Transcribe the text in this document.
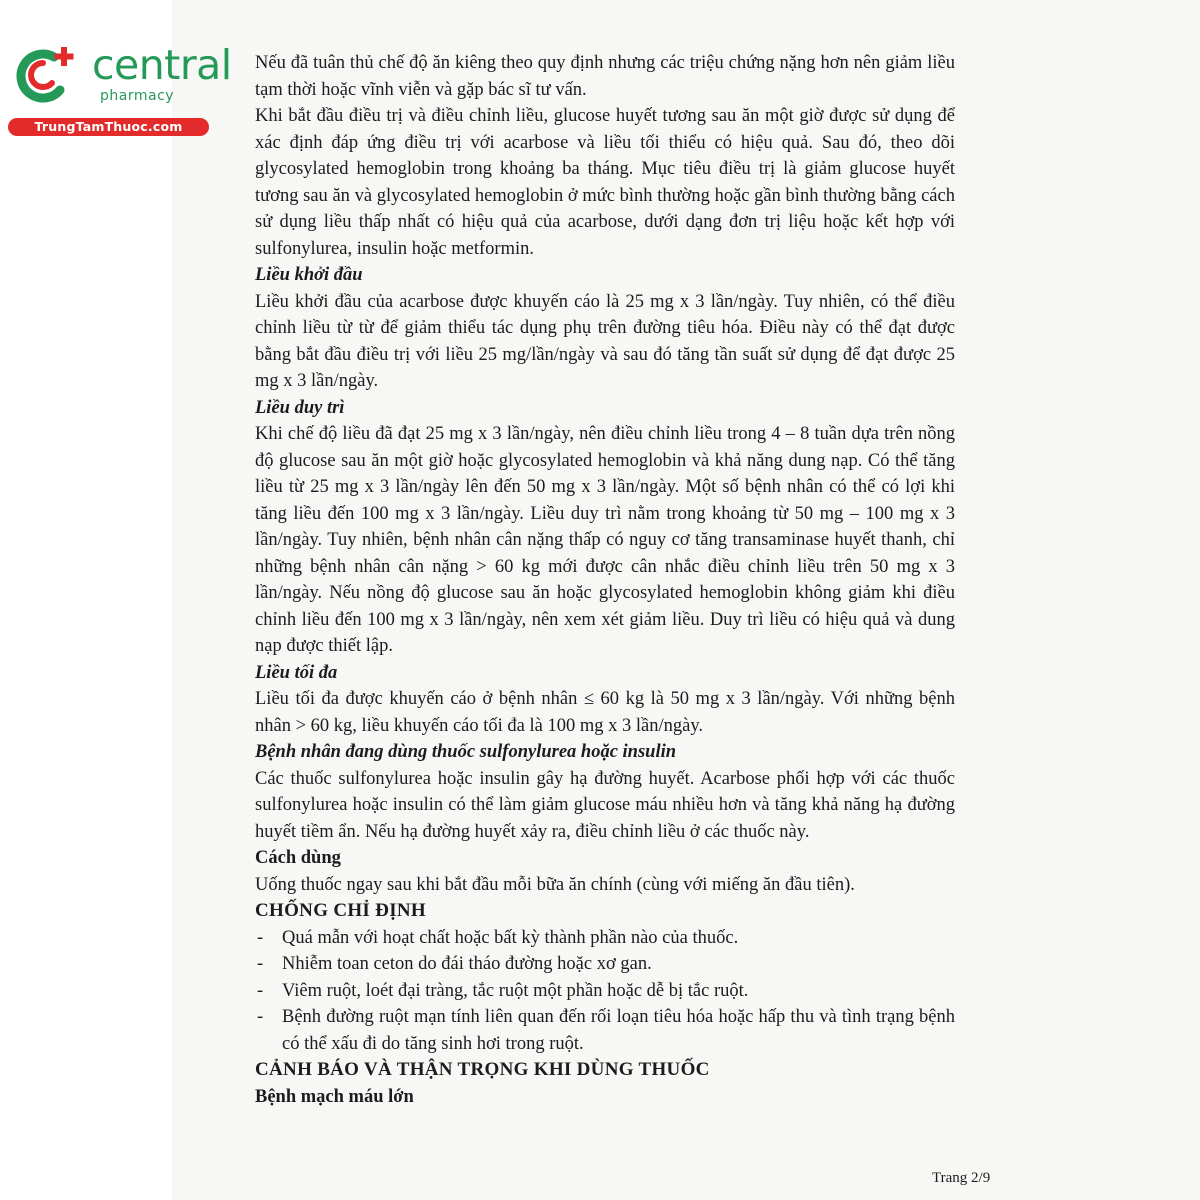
central
pharmacy
TrungTamThuoc.com

Nếu đã tuân thủ chế độ ăn kiêng theo quy định nhưng các triệu chứng nặng hơn nên giảm liều tạm thời hoặc vĩnh viễn và gặp bác sĩ tư vấn.

Khi bắt đầu điều trị và điều chỉnh liều, glucose huyết tương sau ăn một giờ được sử dụng để xác định đáp ứng điều trị với acarbose và liều tối thiểu có hiệu quả. Sau đó, theo dõi glycosylated hemoglobin trong khoảng ba tháng. Mục tiêu điều trị là giảm glucose huyết tương sau ăn và glycosylated hemoglobin ở mức bình thường hoặc gần bình thường bằng cách sử dụng liều thấp nhất có hiệu quả của acarbose, dưới dạng đơn trị liệu hoặc kết hợp với sulfonylurea, insulin hoặc metformin.

Liều khởi đầu

Liều khởi đầu của acarbose được khuyến cáo là 25 mg x 3 lần/ngày. Tuy nhiên, có thể điều chỉnh liều từ từ để giảm thiểu tác dụng phụ trên đường tiêu hóa. Điều này có thể đạt được bằng bắt đầu điều trị với liều 25 mg/lần/ngày và sau đó tăng tần suất sử dụng để đạt được 25 mg x 3 lần/ngày.

Liều duy trì

Khi chế độ liều đã đạt 25 mg x 3 lần/ngày, nên điều chỉnh liều trong 4 – 8 tuần dựa trên nồng độ glucose sau ăn một giờ hoặc glycosylated hemoglobin và khả năng dung nạp. Có thể tăng liều từ 25 mg x 3 lần/ngày lên đến 50 mg x 3 lần/ngày. Một số bệnh nhân có thể có lợi khi tăng liều đến 100 mg x 3 lần/ngày. Liều duy trì nằm trong khoảng từ 50 mg – 100 mg x 3 lần/ngày. Tuy nhiên, bệnh nhân cân nặng thấp có nguy cơ tăng transaminase huyết thanh, chỉ những bệnh nhân cân nặng > 60 kg mới được cân nhắc điều chỉnh liều trên 50 mg x 3 lần/ngày. Nếu nồng độ glucose sau ăn hoặc glycosylated hemoglobin không giảm khi điều chỉnh liều đến 100 mg x 3 lần/ngày, nên xem xét giảm liều. Duy trì liều có hiệu quả và dung nạp được thiết lập.

Liều tối đa

Liều tối đa được khuyến cáo ở bệnh nhân ≤ 60 kg là 50 mg x 3 lần/ngày. Với những bệnh nhân > 60 kg, liều khuyến cáo tối đa là 100 mg x 3 lần/ngày.

Bệnh nhân đang dùng thuốc sulfonylurea hoặc insulin

Các thuốc sulfonylurea hoặc insulin gây hạ đường huyết. Acarbose phối hợp với các thuốc sulfonylurea hoặc insulin có thể làm giảm glucose máu nhiều hơn và tăng khả năng hạ đường huyết tiềm ẩn. Nếu hạ đường huyết xảy ra, điều chỉnh liều ở các thuốc này.

Cách dùng

Uống thuốc ngay sau khi bắt đầu mỗi bữa ăn chính (cùng với miếng ăn đầu tiên).

CHỐNG CHỈ ĐỊNH

- Quá mẫn với hoạt chất hoặc bất kỳ thành phần nào của thuốc.
- Nhiễm toan ceton do đái tháo đường hoặc xơ gan.
- Viêm ruột, loét đại tràng, tắc ruột một phần hoặc dễ bị tắc ruột.
- Bệnh đường ruột mạn tính liên quan đến rối loạn tiêu hóa hoặc hấp thu và tình trạng bệnh có thể xấu đi do tăng sinh hơi trong ruột.

CẢNH BÁO VÀ THẬN TRỌNG KHI DÙNG THUỐC

Bệnh mạch máu lớn

Trang 2/9
